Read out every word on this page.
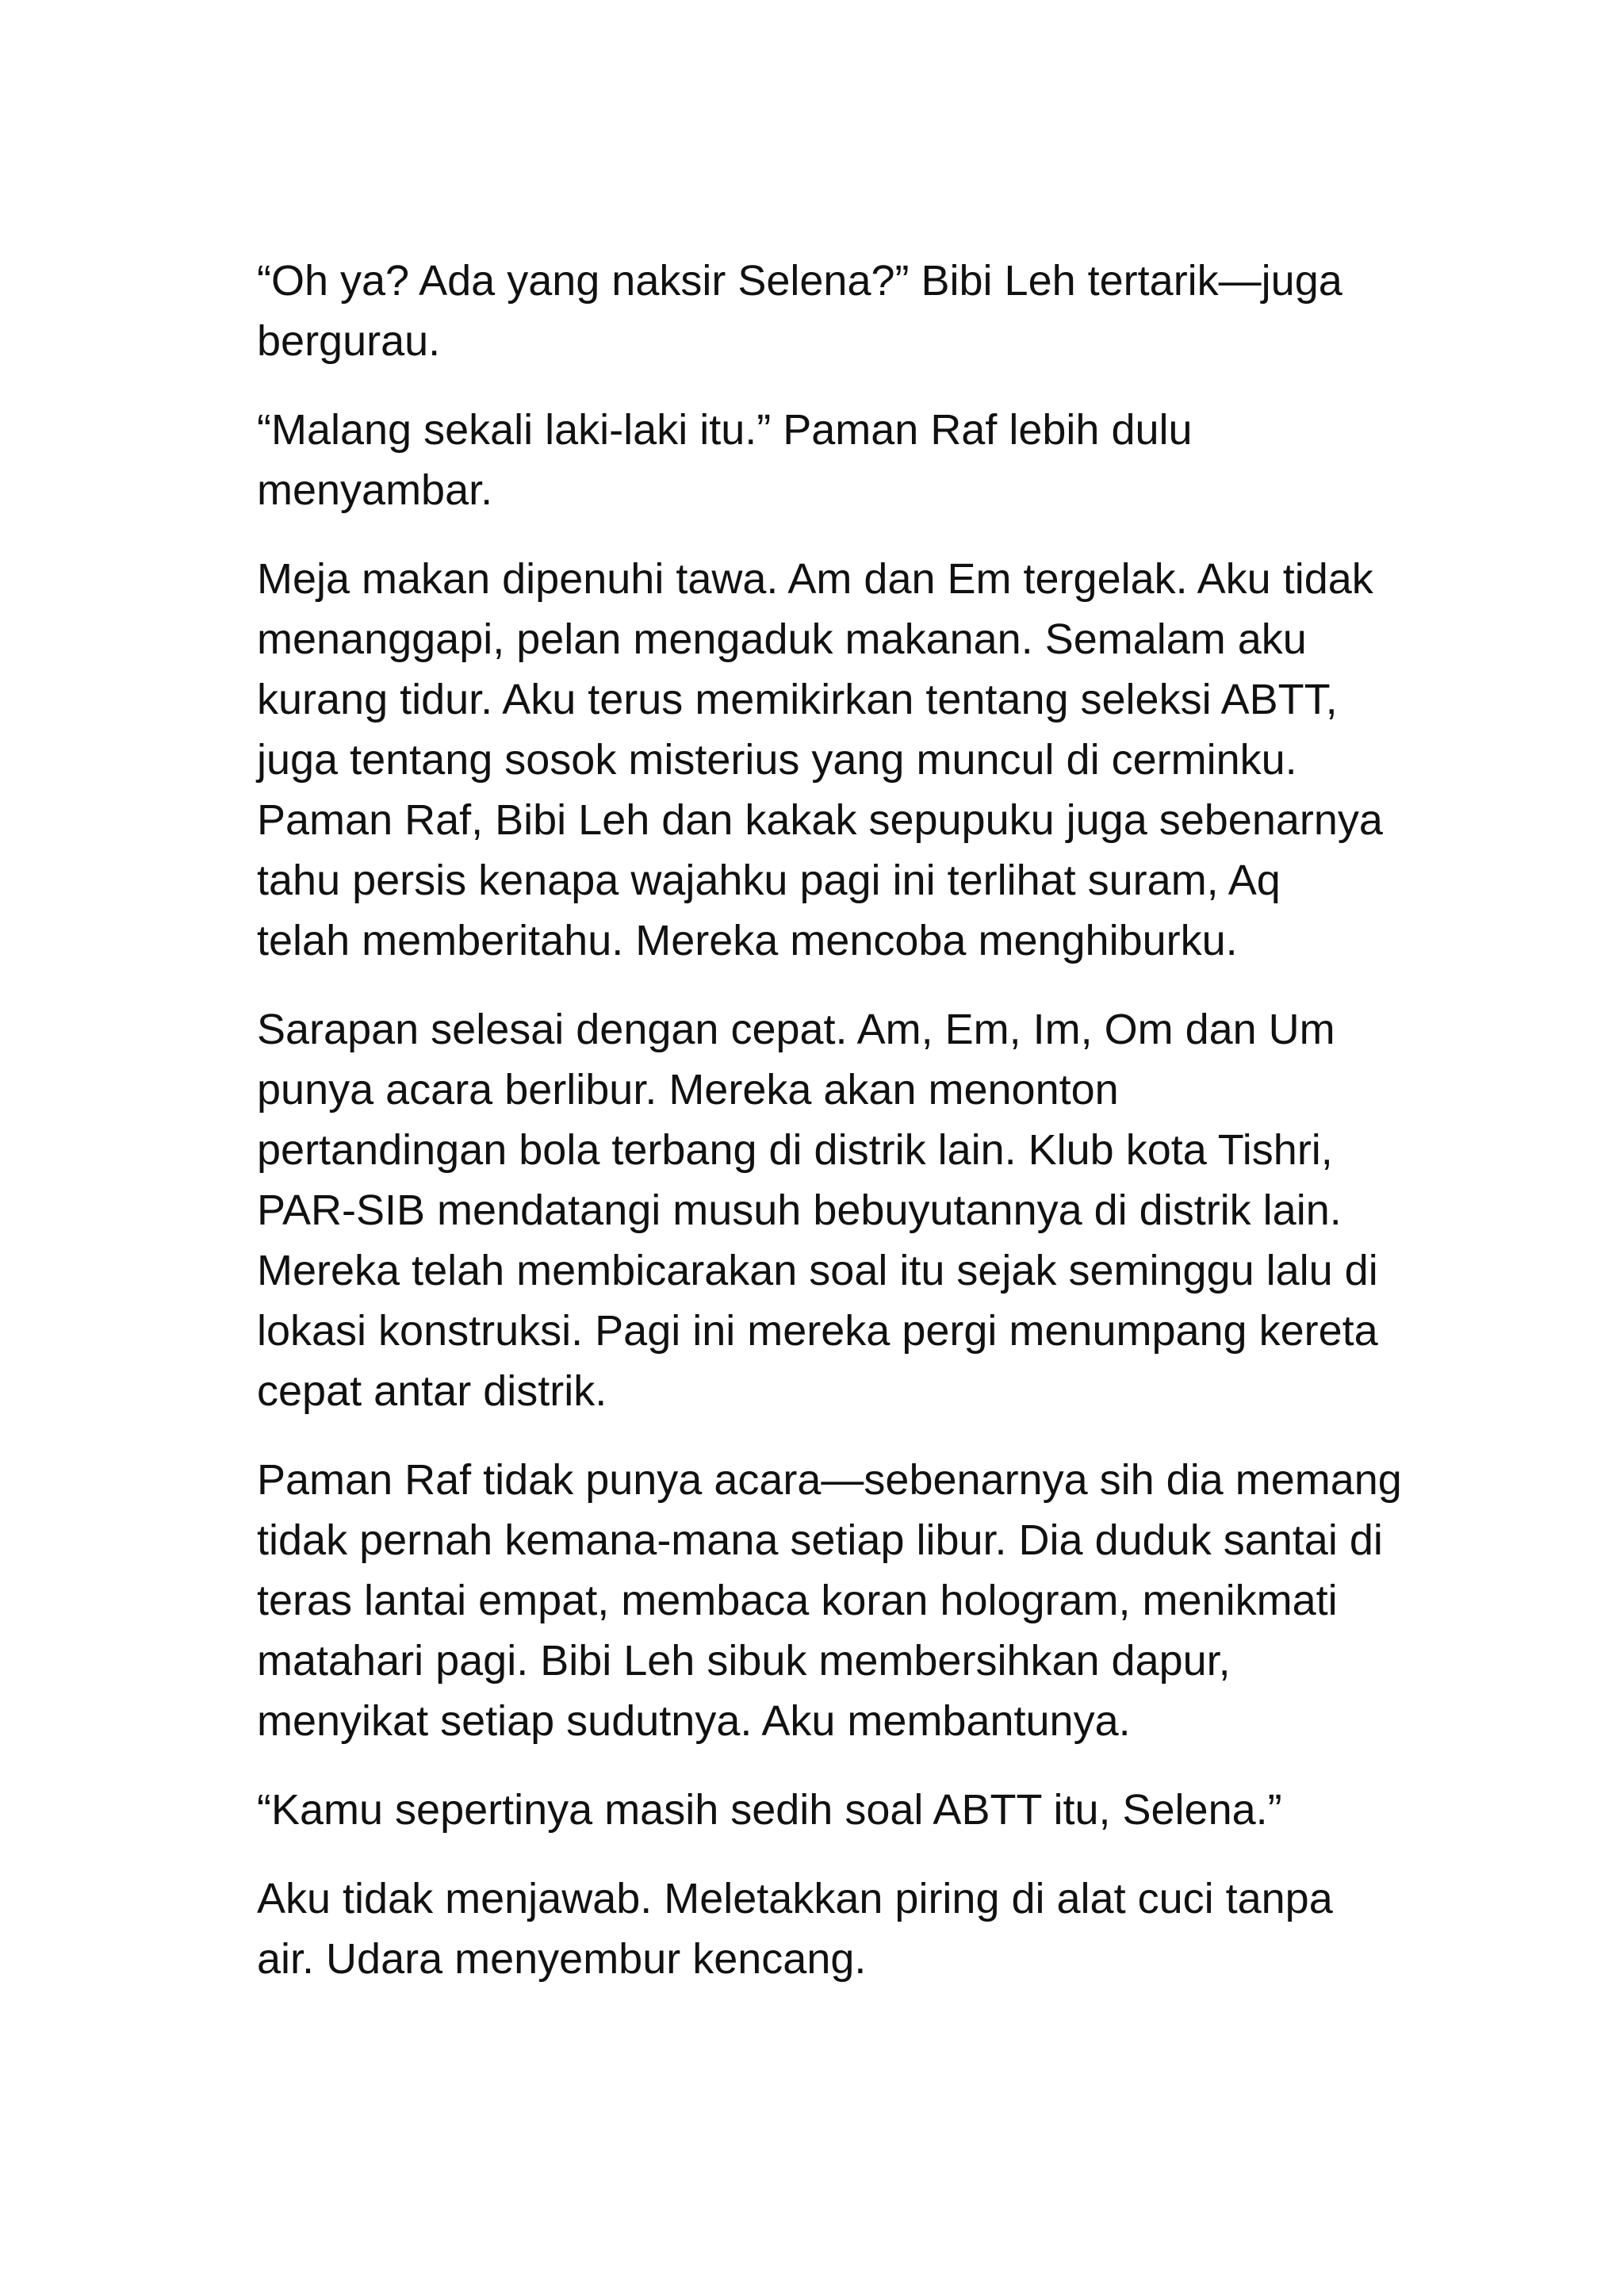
“Oh ya? Ada yang naksir Selena?” Bibi Leh tertarik—juga
bergurau.

“Malang sekali laki-laki itu.” Paman Raf lebih dulu
menyambar.

Meja makan dipenuhi tawa. Am dan Em tergelak. Aku tidak
menanggapi, pelan mengaduk makanan. Semalam aku
kurang tidur. Aku terus memikirkan tentang seleksi ABTT,
juga tentang sosok misterius yang muncul di cerminku.
Paman Raf, Bibi Leh dan kakak sepupuku juga sebenarnya
tahu persis kenapa wajahku pagi ini terlihat suram, Aq
telah memberitahu. Mereka mencoba menghiburku.

Sarapan selesai dengan cepat. Am, Em, Im, Om dan Um
punya acara berlibur. Mereka akan menonton
pertandingan bola terbang di distrik lain. Klub kota Tishri,
PAR-SIB mendatangi musuh bebuyutannya di distrik lain.
Mereka telah membicarakan soal itu sejak seminggu lalu di
lokasi konstruksi. Pagi ini mereka pergi menumpang kereta
cepat antar distrik.

Paman Raf tidak punya acara—sebenarnya sih dia memang
tidak pernah kemana-mana setiap libur. Dia duduk santai di
teras lantai empat, membaca koran hologram, menikmati
matahari pagi. Bibi Leh sibuk membersihkan dapur,
menyikat setiap sudutnya. Aku membantunya.

“Kamu sepertinya masih sedih soal ABTT itu, Selena.”

Aku tidak menjawab. Meletakkan piring di alat cuci tanpa
air. Udara menyembur kencang.
